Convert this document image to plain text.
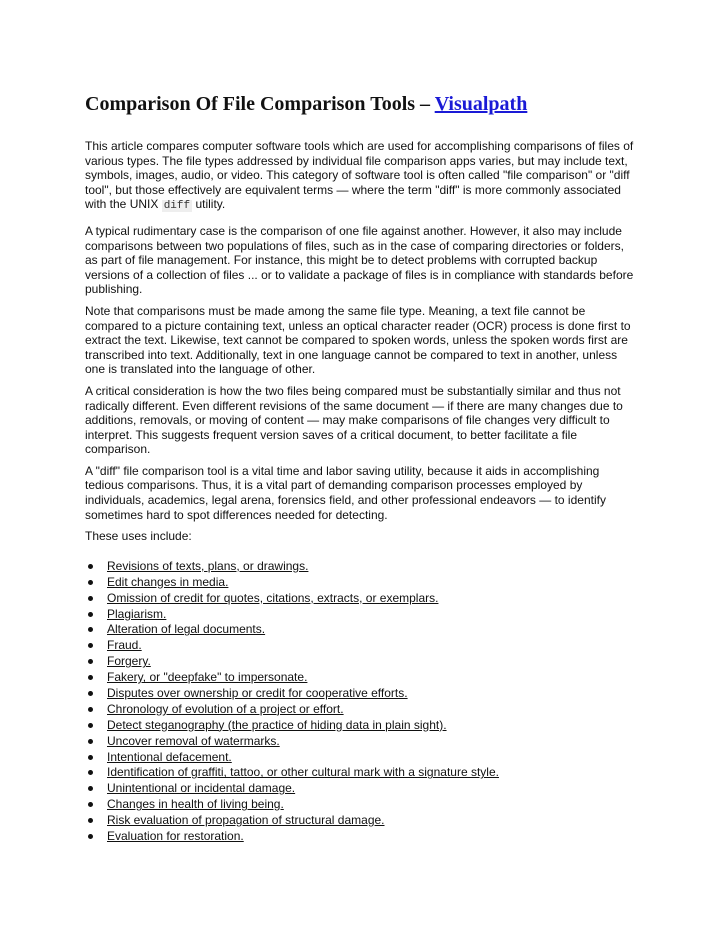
Comparison Of File Comparison Tools – Visualpath

This article compares computer software tools which are used for accomplishing comparisons of files of various types. The file types addressed by individual file comparison apps varies, but may include text, symbols, images, audio, or video. This category of software tool is often called "file comparison" or "diff tool", but those effectively are equivalent terms — where the term "diff" is more commonly associated with the UNIX diff utility.

A typical rudimentary case is the comparison of one file against another. However, it also may include comparisons between two populations of files, such as in the case of comparing directories or folders, as part of file management. For instance, this might be to detect problems with corrupted backup versions of a collection of files ... or to validate a package of files is in compliance with standards before publishing.

Note that comparisons must be made among the same file type. Meaning, a text file cannot be compared to a picture containing text, unless an optical character reader (OCR) process is done first to extract the text. Likewise, text cannot be compared to spoken words, unless the spoken words first are transcribed into text. Additionally, text in one language cannot be compared to text in another, unless one is translated into the language of other.

A critical consideration is how the two files being compared must be substantially similar and thus not radically different. Even different revisions of the same document — if there are many changes due to additions, removals, or moving of content — may make comparisons of file changes very difficult to interpret. This suggests frequent version saves of a critical document, to better facilitate a file comparison.

A "diff" file comparison tool is a vital time and labor saving utility, because it aids in accomplishing tedious comparisons. Thus, it is a vital part of demanding comparison processes employed by individuals, academics, legal arena, forensics field, and other professional endeavors — to identify sometimes hard to spot differences needed for detecting.

These uses include:

Revisions of texts, plans, or drawings.
Edit changes in media.
Omission of credit for quotes, citations, extracts, or exemplars.
Plagiarism.
Alteration of legal documents.
Fraud.
Forgery.
Fakery, or "deepfake" to impersonate.
Disputes over ownership or credit for cooperative efforts.
Chronology of evolution of a project or effort.
Detect steganography (the practice of hiding data in plain sight).
Uncover removal of watermarks.
Intentional defacement.
Identification of graffiti, tattoo, or other cultural mark with a signature style.
Unintentional or incidental damage.
Changes in health of living being.
Risk evaluation of propagation of structural damage.
Evaluation for restoration.
